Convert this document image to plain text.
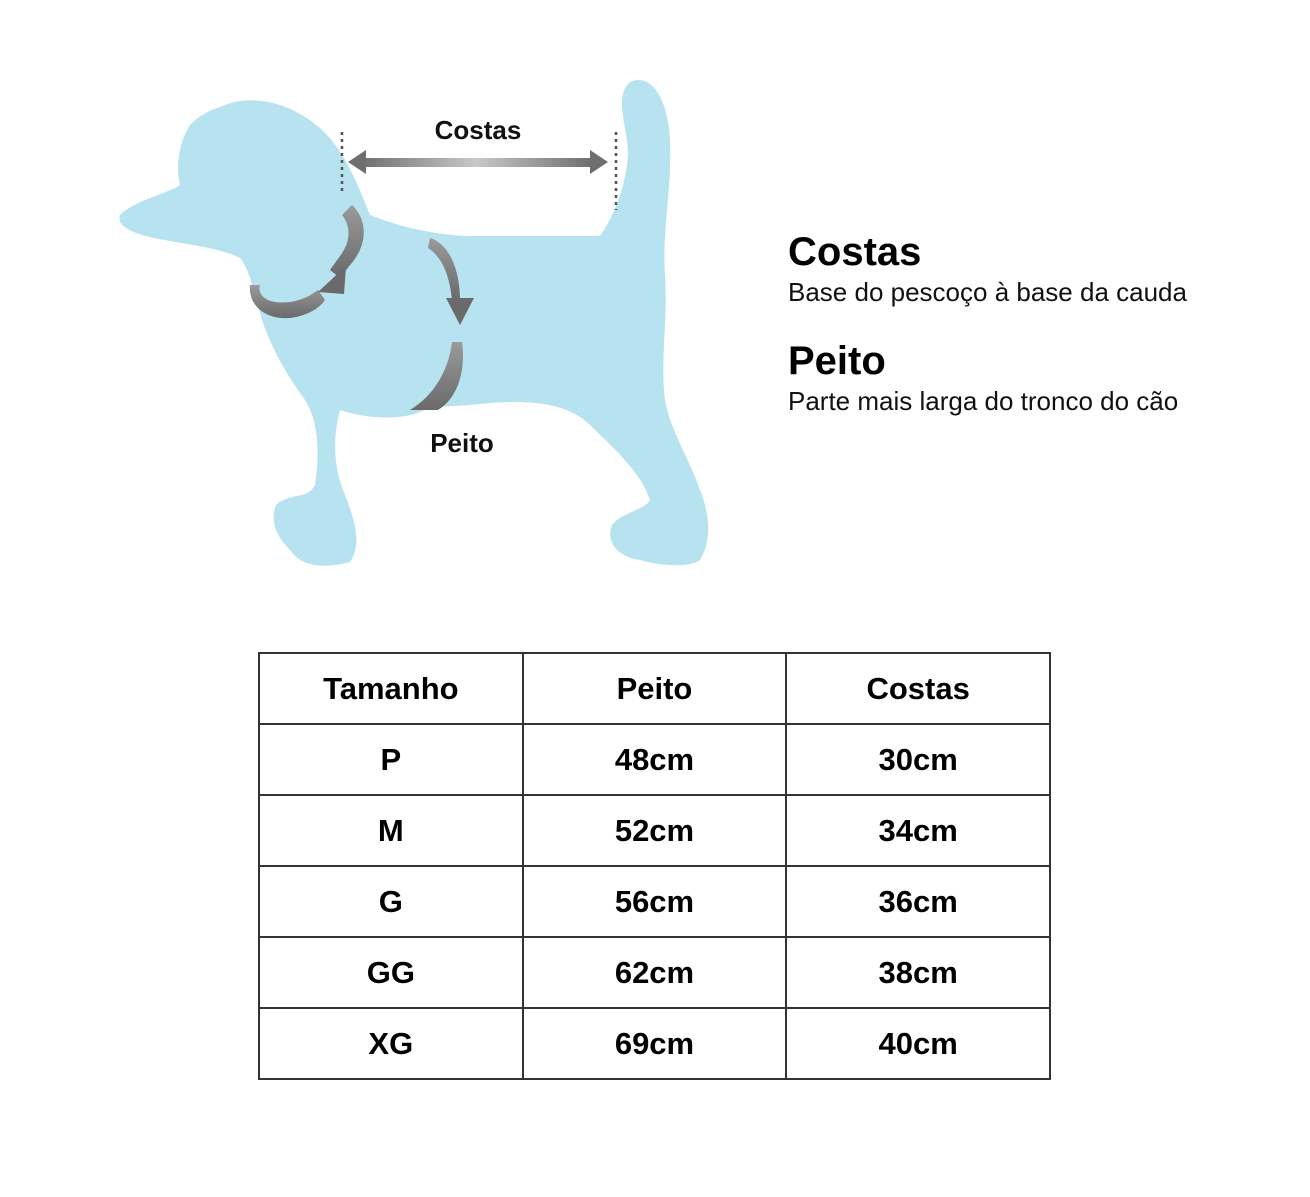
Costas
Peito
Costas
Base do pescoço à base da cauda
Peito
Parte mais larga do tronco do cão
Tamanho	Peito	Costas
P	48cm	30cm
M	52cm	34cm
G	56cm	36cm
GG	62cm	38cm
XG	69cm	40cm
